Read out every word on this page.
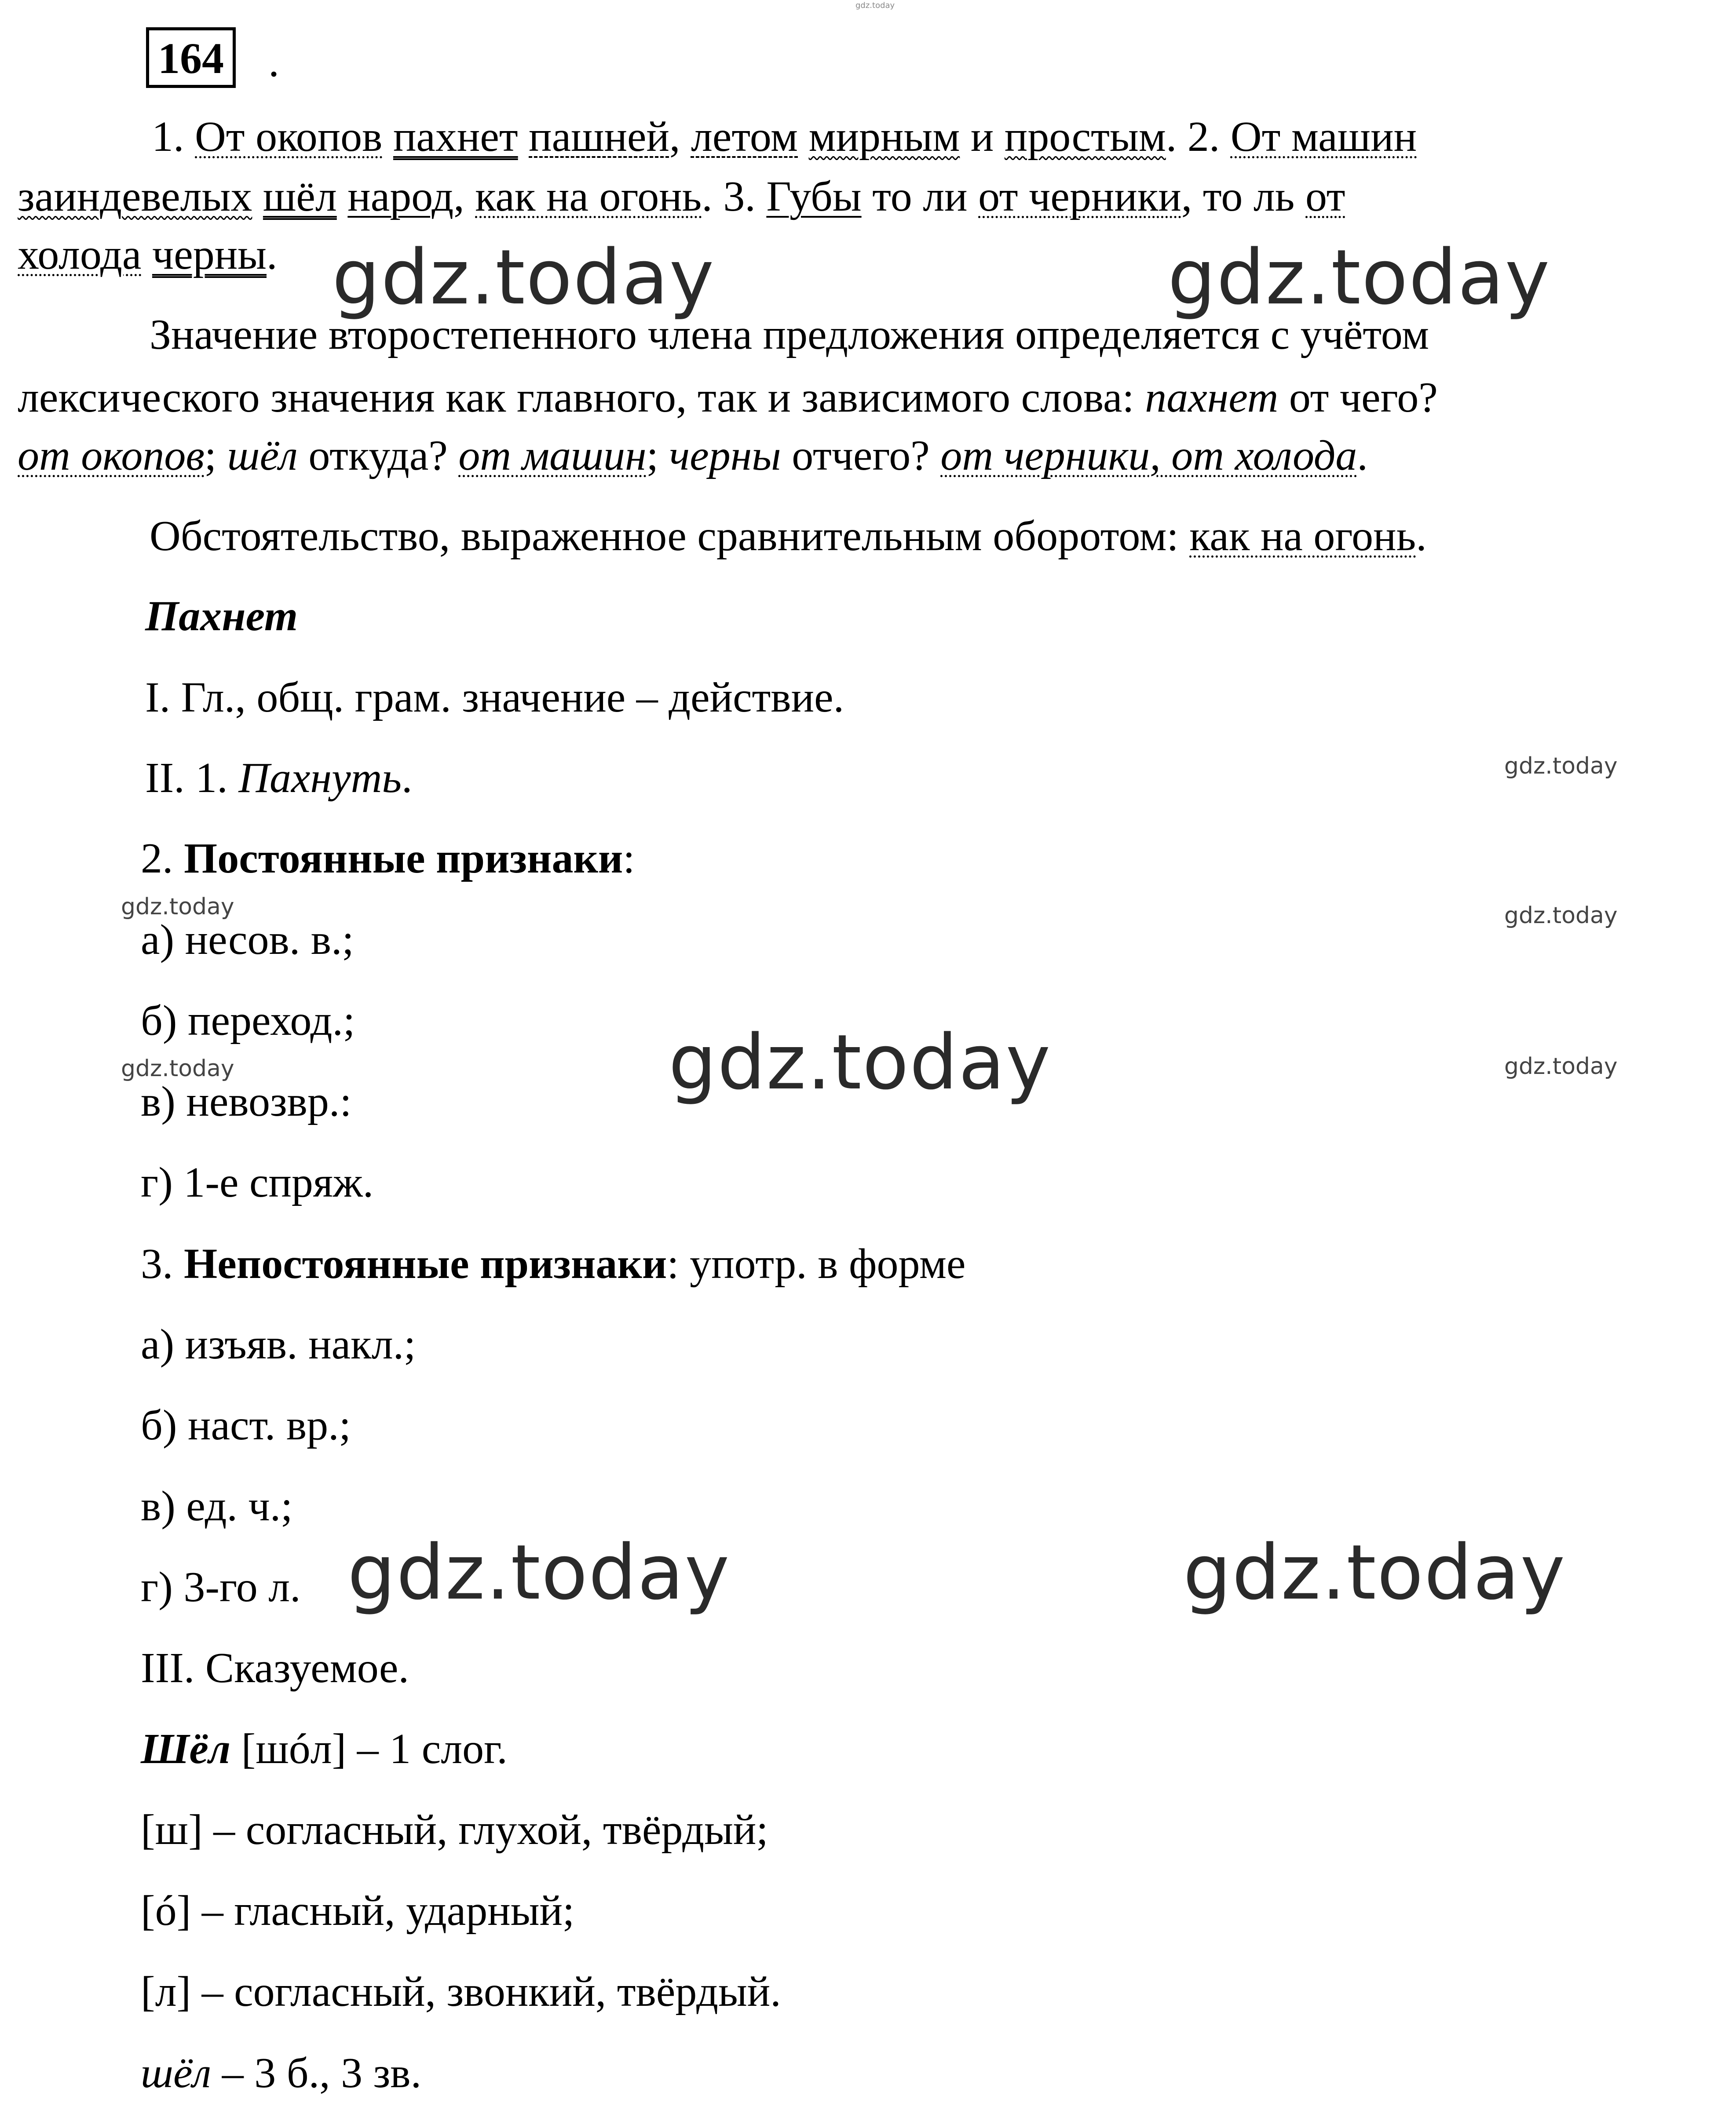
gdz.today
164 .
1. От окопов пахнет пашней, летом мирным и простым. 2. От машин
заиндевелых шёл народ, как на огонь. 3. Губы то ли от черники, то ль от
холода черны.
Значение второстепенного члена предложения определяется с учётом
лексического значения как главного, так и зависимого слова: пахнет от чего?
от окопов; шёл откуда? от машин; черны отчего? от черники, от холода.
Обстоятельство, выраженное сравнительным оборотом: как на огонь.
Пахнет
I. Гл., общ. грам. значение – действие.
II. 1. Пахнуть.
2. Постоянные признаки:
а) несов. в.;
б) переход.;
в) невозвр.:
г) 1-е спряж.
3. Непостоянные признаки: употр. в форме
а) изъяв. накл.;
б) наст. вр.;
в) ед. ч.;
г) 3-го л.
III. Сказуемое.
Шёл [шóл] – 1 слог.
[ш] – согласный, глухой, твёрдый;
[ó] – гласный, ударный;
[л] – согласный, звонкий, твёрдый.
шёл – 3 б., 3 зв.
gdz.today	gdz.today
gdz.today
gdz.today	gdz.today
gdz.today
gdz.today	gdz.today
gdz.today	gdz.today
